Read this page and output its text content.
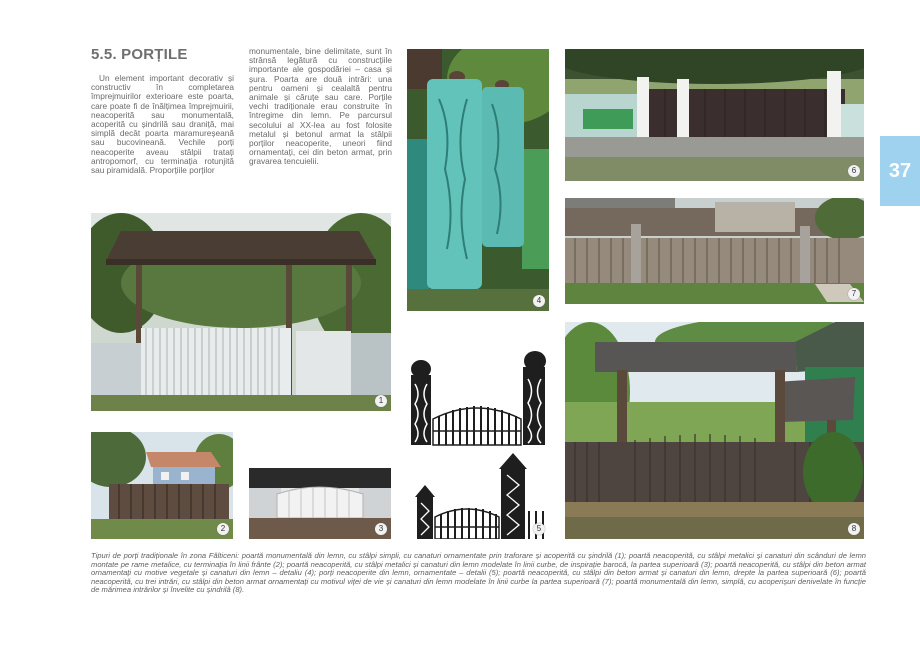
5.5. PORȚILE
Un element important decorativ și constructiv în completarea împrejmuirilor exterioare este poarta, care poate fi de înălțimea împrejmuirii, neacoperită sau monumentală, acoperită cu șindrilă sau draniță, mai simplă decât poarta maramureșeană sau bucovineană. Vechile porți neacoperite aveau stâlpii tratați antropomorf, cu terminația rotunjită sau piramidală. Proporțiile porților
monumentale, bine delimitate, sunt în strânsă legătură cu construcțiile importante ale gospodăriei – casa și șura. Poarta are două intrări: una pentru oameni și cealaltă pentru animale și căruțe sau care. Porțile vechi tradiționale erau construite în întregime din lemn. Pe parcursul secolului al XX-lea au fost folosite metalul și betonul armat la stâlpii porților neacoperite, uneori fiind ornamentați, cei din beton armat, prin gravarea tencuielii.	37
1
2	3
4
5
6
7
8
Tipuri de porți tradiționale în zona Fălticeni: poartă monumentală din lemn, cu stâlpi simpli, cu canaturi ornamentate prin traforare și acoperită cu șindrilă (1); poartă neacoperită, cu stâlpi metalici și canaturi din scânduri de lemn montate pe rame metalice, cu terminația în linii frânte (2); poartă neacoperită, cu stâlpi metalici și canaturi din lemn modelate în linii curbe, de inspirație barocă, la partea superioară (3); poartă neacoperită, cu stâlpi din beton armat ornamentați cu motive vegetale și canaturi din lemn – detaliu (4); porți neacoperite din lemn, ornamentate – detalii (5); poartă neacoperită, cu stâlpi din beton armat și canaturi din lemn, drepte la partea superioară (6); poartă neacoperită, cu trei intrări, cu stâlpi din beton armat ornamentați cu motivul viței de vie și canaturi din lemn modelate în linii curbe la partea superioară (7); poartă monumentală din lemn, simplă, cu acoperișuri denivelate în funcție de mărimea intrărilor și învelite cu șindrilă (8).
